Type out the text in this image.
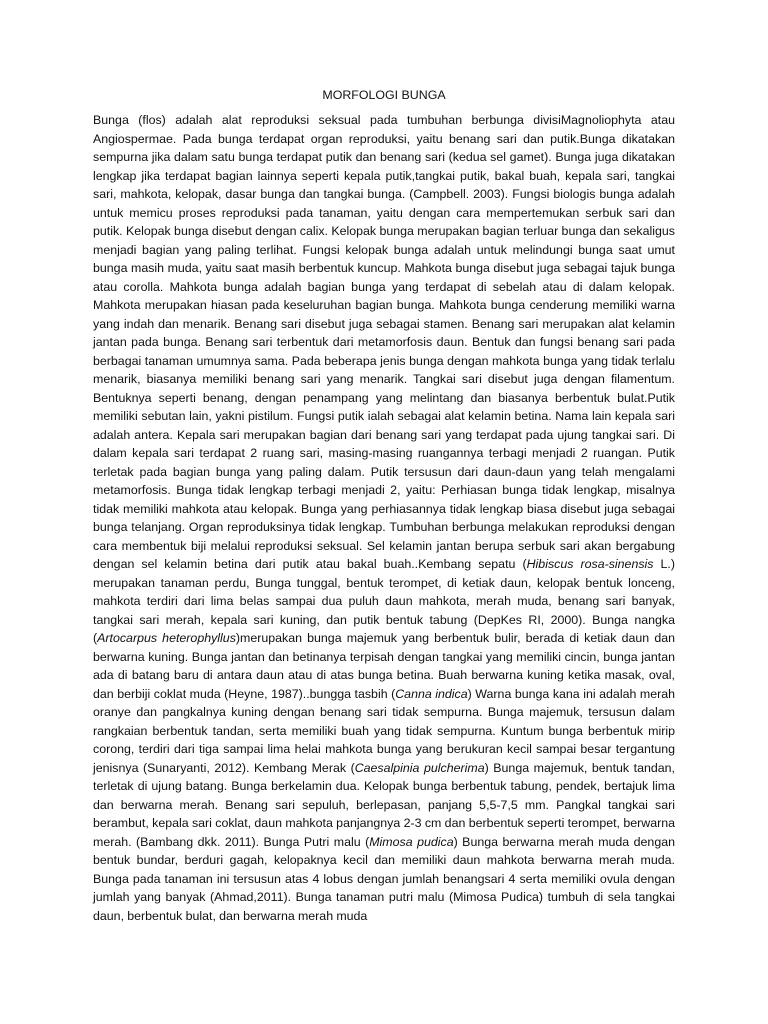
MORFOLOGI BUNGA

Bunga (flos) adalah alat reproduksi seksual pada tumbuhan berbunga divisiMagnoliophyta atau Angiospermae. Pada bunga terdapat organ reproduksi, yaitu benang sari dan putik.Bunga dikatakan sempurna jika dalam satu bunga terdapat putik dan benang sari (kedua sel gamet). Bunga juga dikatakan lengkap jika terdapat bagian lainnya seperti kepala putik,tangkai putik, bakal buah, kepala sari, tangkai sari, mahkota, kelopak, dasar bunga dan tangkai bunga. (Campbell. 2003). Fungsi biologis bunga adalah untuk memicu proses reproduksi pada tanaman, yaitu dengan cara mempertemukan serbuk sari dan putik. Kelopak bunga disebut dengan calix. Kelopak bunga merupakan bagian terluar bunga dan sekaligus menjadi bagian yang paling terlihat. Fungsi kelopak bunga adalah untuk melindungi bunga saat umut bunga masih muda, yaitu saat masih berbentuk kuncup. Mahkota bunga disebut juga sebagai tajuk bunga atau corolla. Mahkota bunga adalah bagian bunga yang terdapat di sebelah atau di dalam kelopak. Mahkota merupakan hiasan pada keseluruhan bagian bunga. Mahkota bunga cenderung memiliki warna yang indah dan menarik. Benang sari disebut juga sebagai stamen. Benang sari merupakan alat kelamin jantan pada bunga. Benang sari terbentuk dari metamorfosis daun. Bentuk dan fungsi benang sari pada berbagai tanaman umumnya sama. Pada beberapa jenis bunga dengan mahkota bunga yang tidak terlalu menarik, biasanya memiliki benang sari yang menarik. Tangkai sari disebut juga dengan filamentum. Bentuknya seperti benang, dengan penampang yang melintang dan biasanya berbentuk bulat.Putik memiliki sebutan lain, yakni pistilum. Fungsi putik ialah sebagai alat kelamin betina. Nama lain kepala sari adalah antera. Kepala sari merupakan bagian dari benang sari yang terdapat pada ujung tangkai sari. Di dalam kepala sari terdapat 2 ruang sari, masing-masing ruangannya terbagi menjadi 2 ruangan. Putik terletak pada bagian bunga yang paling dalam. Putik tersusun dari daun-daun yang telah mengalami metamorfosis. Bunga tidak lengkap terbagi menjadi 2, yaitu: Perhiasan bunga tidak lengkap, misalnya tidak memiliki mahkota atau kelopak. Bunga yang perhiasannya tidak lengkap biasa disebut juga sebagai bunga telanjang. Organ reproduksinya tidak lengkap. Tumbuhan berbunga melakukan reproduksi dengan cara membentuk biji melalui reproduksi seksual. Sel kelamin jantan berupa serbuk sari akan bergabung dengan sel kelamin betina dari putik atau bakal buah..Kembang sepatu (Hibiscus rosa-sinensis L.) merupakan tanaman perdu, Bunga tunggal, bentuk terompet, di ketiak daun, kelopak bentuk lonceng, mahkota terdiri dari lima belas sampai dua puluh daun mahkota, merah muda, benang sari banyak, tangkai sari merah, kepala sari kuning, dan putik bentuk tabung (DepKes RI, 2000). Bunga nangka (Artocarpus heterophyllus)merupakan bunga majemuk yang berbentuk bulir, berada di ketiak daun dan berwarna kuning. Bunga jantan dan betinanya terpisah dengan tangkai yang memiliki cincin, bunga jantan ada di batang baru di antara daun atau di atas bunga betina. Buah berwarna kuning ketika masak, oval, dan berbiji coklat muda (Heyne, 1987)..bungga tasbih (Canna indica) Warna bunga kana ini adalah merah oranye dan pangkalnya kuning dengan benang sari tidak sempurna. Bunga majemuk, tersusun dalam rangkaian berbentuk tandan, serta memiliki buah yang tidak sempurna. Kuntum bunga berbentuk mirip corong, terdiri dari tiga sampai lima helai mahkota bunga yang berukuran kecil sampai besar tergantung jenisnya (Sunaryanti, 2012). Kembang Merak (Caesalpinia pulcherima) Bunga majemuk, bentuk tandan, terletak di ujung batang. Bunga berkelamin dua. Kelopak bunga berbentuk tabung, pendek, bertajuk lima dan berwarna merah. Benang sari sepuluh, berlepasan, panjang 5,5-7,5 mm. Pangkal tangkai sari berambut, kepala sari coklat, daun mahkota panjangnya 2-3 cm dan berbentuk seperti terompet, berwarna merah. (Bambang dkk. 2011). Bunga Putri malu (Mimosa pudica) Bunga berwarna merah muda dengan bentuk bundar, berduri gagah, kelopaknya kecil dan memiliki daun mahkota berwarna merah muda. Bunga pada tanaman ini tersusun atas 4 lobus dengan jumlah benangsari 4 serta memiliki ovula dengan jumlah yang banyak (Ahmad,2011). Bunga tanaman putri malu (Mimosa Pudica) tumbuh di sela tangkai daun, berbentuk bulat, dan berwarna merah muda
